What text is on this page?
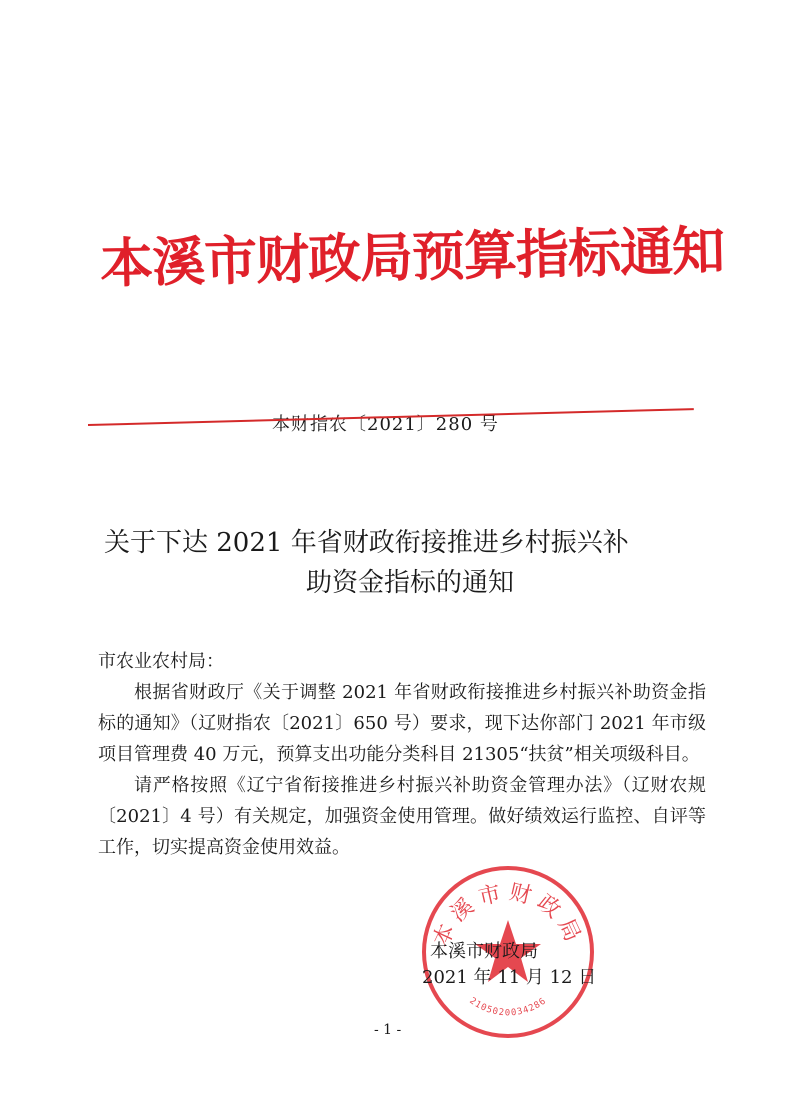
本溪市财政局预算指标通知
本财指农〔2021〕280 号
关于下达 2021 年省财政衔接推进乡村振兴补
助资金指标的通知

市农业农村局：

根据省财政厅《关于调整 2021 年省财政衔接推进乡村振兴补助资金指标的通知》（辽财指农〔2021〕650 号）要求，现下达你部门 2021 年市级项目管理费 40 万元，预算支出功能分类科目 21305“扶贫”相关项级科目。

请严格按照《辽宁省衔接推进乡村振兴补助资金管理办法》（辽财农规〔2021〕4 号）有关规定，加强资金使用管理。做好绩效运行监控、自评等工作，切实提高资金使用效益。

本溪市财政局
2105020034286
本溪市财政局
2021 年 11 月 12 日
- 1 -
